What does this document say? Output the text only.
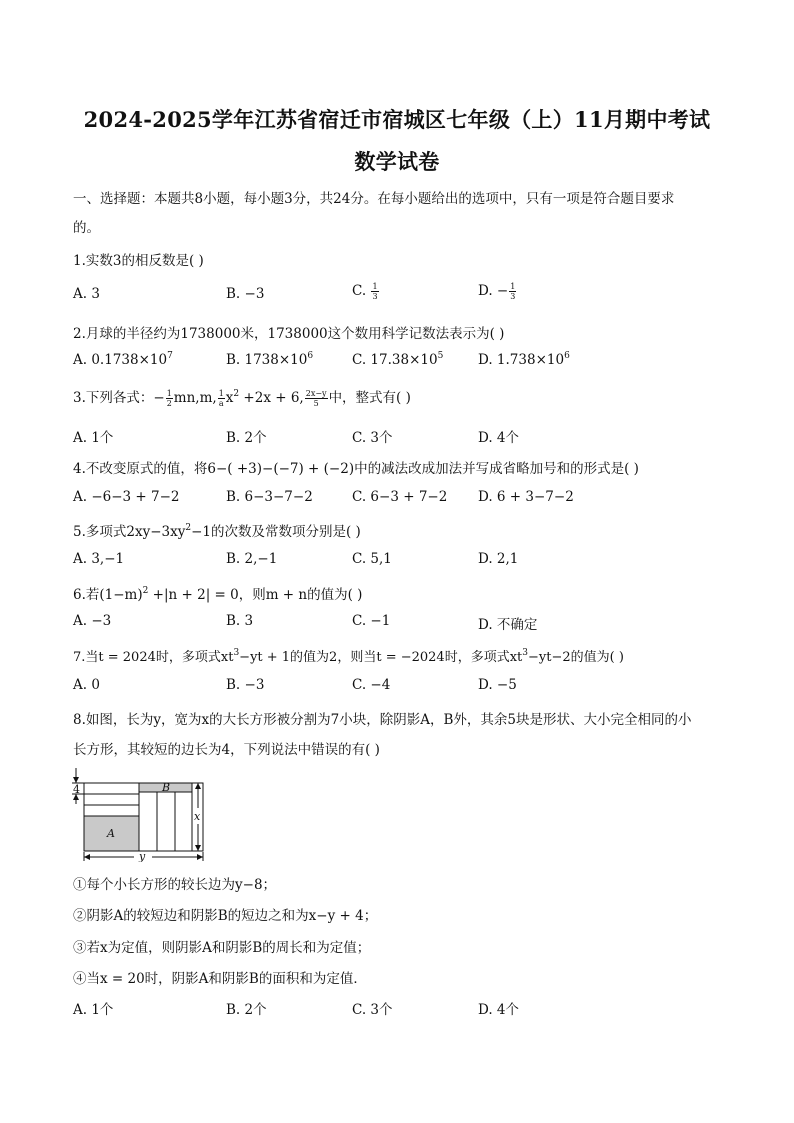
2024-2025学年江苏省宿迁市宿城区七年级（上）11月期中考试
数学试卷
一、选择题：本题共8小题，每小题3分，共24分。在每小题给出的选项中，只有一项是符合题目要求
的。
1.实数3的相反数是( )
A. 3	B. −3	C. $\frac{1}{3}$	D. − $\frac{1}{3}$
2.月球的半径约为1738000米，1738000这个数用科学记数法表示为( )
A. $0.1738\times 10^7$	B. $1738\times 10^6$	C. $17.38\times 10^5$	D. $1.738\times 10^6$
3.下列各式：− $\frac{1}{2} mn,m$, $\frac{1}{a} x^2 +2x + 6$, $\frac{2x-y}{5}$ 中，整式有( )
A. 1个	B. 2个	C. 3个	D. 4个
4.不改变原式的值，将6−( +3)−(−7) + (−2)中的减法改成加法并写成省略加号和的形式是( )
A. −6−3 + 7−2	B. 6−3−7−2	C. 6−3 + 7−2 D. 6 + 3−7−2
5.多项式$2xy-3xy^2-1$的次数及常数项分别是( )
A. 3,−1	B. 2,−1	C. 5,1	D. 2,1
6.若$(1-m)^2 +|n + 2| = 0$，则m + n的值为( )
A. −3	B. 3	C. −1	D. 不确定
7.当t = 2024时，多项式$xt^3-yt + 1$的值为2，则当t = −2024时，多项式$xt^3-yt-2$的值为( )
A. 0	B. −3	C. −4	D. −5
8.如图，长为y，宽为x的大长方形被分割为7小块，除阴影A，B外，其余5块是形状、大小完全相同的小
长方形，其较短的边长为4，下列说法中错误的有( )
4
A
B
x
y
①每个小长方形的较长边为y−8；
②阴影A的较短边和阴影B的短边之和为x−y + 4；
③若x为定值，则阴影A和阴影B的周长和为定值；
④当x = 20时，阴影A和阴影B的面积和为定值．
A. 1个	B. 2个	C. 3个	D. 4个
